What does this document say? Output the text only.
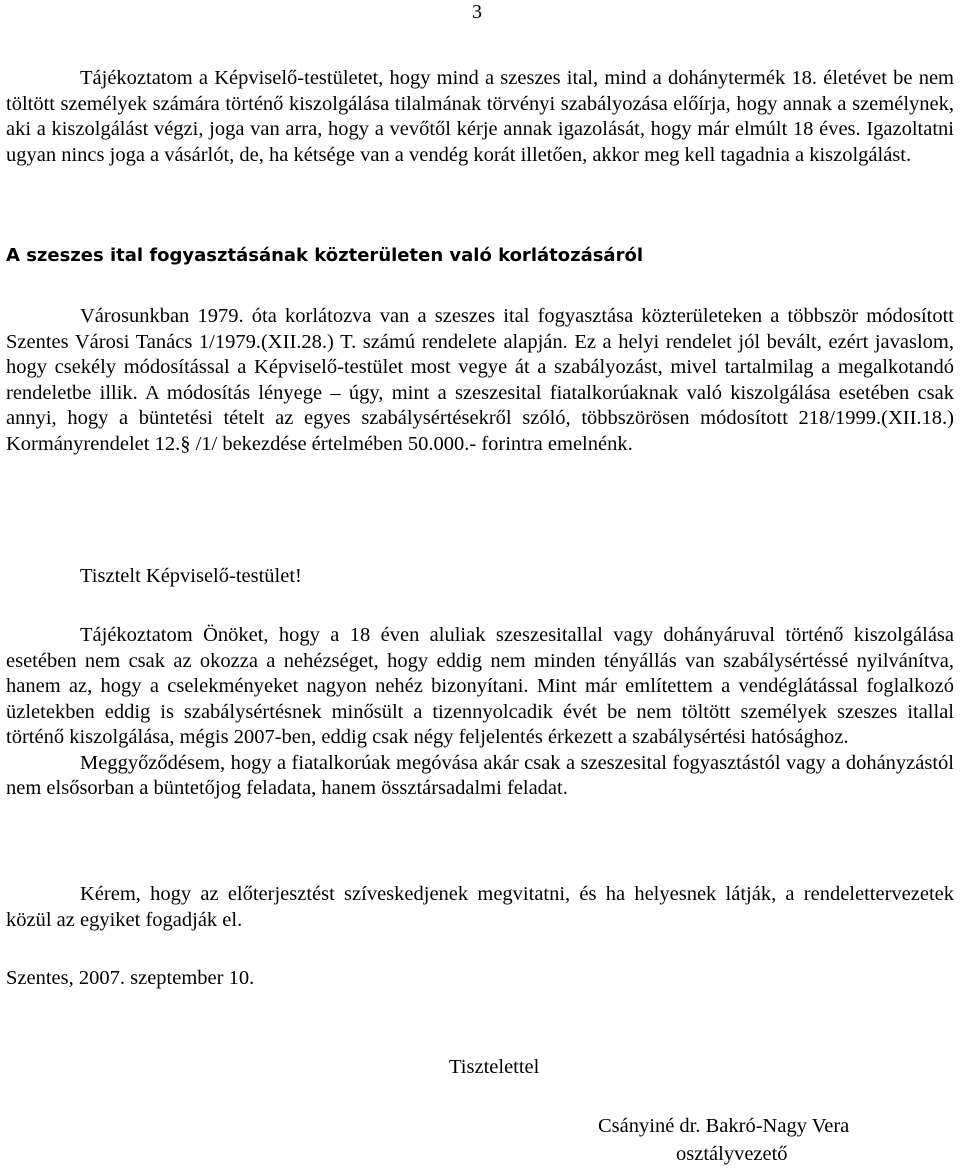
3

Tájékoztatom a Képviselő-testületet, hogy mind a szeszes ital, mind a dohánytermék 18. életévet be nem töltött személyek számára történő kiszolgálása tilalmának törvényi szabályozása előírja, hogy annak a személynek, aki a kiszolgálást végzi, joga van arra, hogy a vevőtől kérje annak igazolását, hogy már elmúlt 18 éves. Igazoltatni ugyan nincs joga a vásárlót, de, ha kétsége van a vendég korát illetően, akkor meg kell tagadnia a kiszolgálást.

A szeszes ital fogyasztásának közterületen való korlátozásáról

Városunkban 1979. óta korlátozva van a szeszes ital fogyasztása közterületeken a többször módosított Szentes Városi Tanács 1/1979.(XII.28.) T. számú rendelete alapján. Ez a helyi rendelet jól bevált, ezért javaslom, hogy csekély módosítással a Képviselő-testület most vegye át a szabályozást, mivel tartalmilag a megalkotandó rendeletbe illik. A módosítás lényege – úgy, mint a szeszesital fiatalkorúaknak való kiszolgálása esetében csak annyi, hogy a büntetési tételt az egyes szabálysértésekről szóló, többszörösen módosított 218/1999.(XII.18.) Kormányrendelet 12.§ /1/ bekezdése értelmében 50.000.- forintra emelnénk.

Tisztelt Képviselő-testület!

Tájékoztatom Önöket, hogy a 18 éven aluliak szeszesitallal vagy dohányáruval történő kiszolgálása esetében nem csak az okozza a nehézséget, hogy eddig nem minden tényállás van szabálysértéssé nyilvánítva, hanem az, hogy a cselekményeket nagyon nehéz bizonyítani. Mint már említettem a vendéglátással foglalkozó üzletekben eddig is szabálysértésnek minősült a tizennyolcadik évét be nem töltött személyek szeszes itallal történő kiszolgálása, mégis 2007-ben, eddig csak négy feljelentés érkezett a szabálysértési hatósághoz.

Meggyőződésem, hogy a fiatalkorúak megóvása akár csak a szeszesital fogyasztástól vagy a dohányzástól nem elsősorban a büntetőjog feladata, hanem össztársadalmi feladat.

Kérem, hogy az előterjesztést szíveskedjenek megvitatni, és ha helyesnek látják, a rendelettervezetek közül az egyiket fogadják el.

Szentes, 2007. szeptember 10.
Tisztelettel
Csányiné dr. Bakró-Nagy Vera
osztályvezető
